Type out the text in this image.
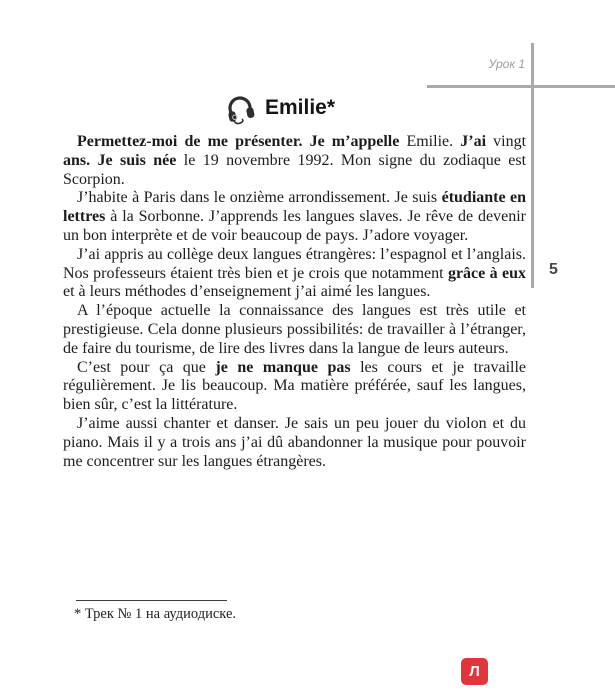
Урок 1
5
Emilie*

Permettez-moi de me présenter. Je m’appelle Emilie. J’ai vingt ans. Je suis née le 19 novembre 1992. Mon signe du zodiaque est Scorpion.

J’habite à Paris dans le onzième arrondissement. Je suis étudiante en lettres à la Sorbonne. J’apprends les langues slaves. Je rêve de devenir un bon interprète et de voir beaucoup de pays. J’adore voyager.

J’ai appris au collège deux langues étrangères: l’espagnol et l’anglais. Nos professeurs étaient très bien et je crois que notamment grâce à eux et à leurs méthodes d’enseignement j’ai aimé les langues.

A l’époque actuelle la connaissance des langues est très utile et prestigieuse. Cela donne plusieurs possibilités: de travailler à l’étranger, de faire du tourisme, de lire des livres dans la langue de leurs auteurs.

C’est pour ça que je ne manque pas les cours et je travaille régulièrement. Je lis beaucoup. Ma matière préférée, sauf les langues, bien sûr, c’est la littérature.

J’aime aussi chanter et danser. Je sais un peu jouer du violon et du piano. Mais il y a trois ans j’ai dû abandonner la musique pour pouvoir me concentrer sur les langues étrangères.

* Трек № 1 на аудиодиске.
Л
